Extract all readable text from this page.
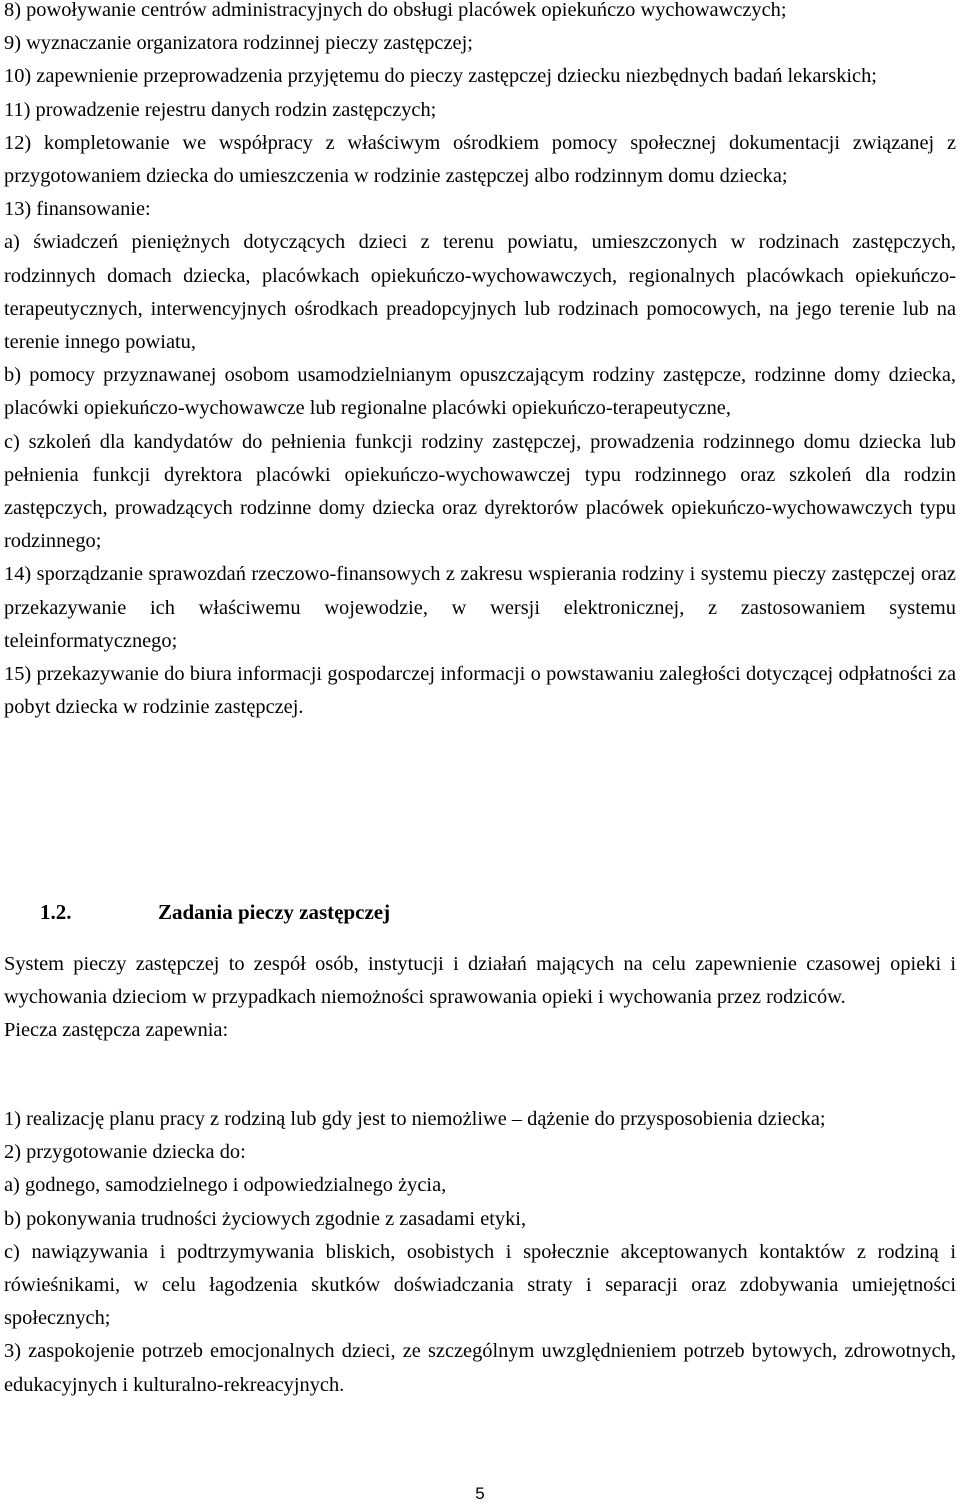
8) powoływanie centrów administracyjnych do obsługi placówek opiekuńczo wychowawczych;

9) wyznaczanie organizatora rodzinnej pieczy zastępczej;

10) zapewnienie przeprowadzenia przyjętemu do pieczy zastępczej dziecku niezbędnych badań lekarskich;

11) prowadzenie rejestru danych rodzin zastępczych;

12) kompletowanie we współpracy z właściwym ośrodkiem pomocy społecznej dokumentacji związanej z przygotowaniem dziecka do umieszczenia w rodzinie zastępczej albo rodzinnym domu dziecka;

13) finansowanie:

a) świadczeń pieniężnych dotyczących dzieci z terenu powiatu, umieszczonych w rodzinach zastępczych, rodzinnych domach dziecka, placówkach opiekuńczo-wychowawczych, regionalnych placówkach opiekuńczo-terapeutycznych, interwencyjnych ośrodkach preadopcyjnych lub rodzinach pomocowych, na jego terenie lub na terenie innego powiatu,

b) pomocy przyznawanej osobom usamodzielnianym opuszczającym rodziny zastępcze, rodzinne domy dziecka, placówki opiekuńczo-wychowawcze lub regionalne placówki opiekuńczo-terapeutyczne,

c) szkoleń dla kandydatów do pełnienia funkcji rodziny zastępczej, prowadzenia rodzinnego domu dziecka lub pełnienia funkcji dyrektora placówki opiekuńczo-wychowawczej typu rodzinnego oraz szkoleń dla rodzin zastępczych, prowadzących rodzinne domy dziecka oraz dyrektorów placówek opiekuńczo-wychowawczych typu rodzinnego;

14) sporządzanie sprawozdań rzeczowo-finansowych z zakresu wspierania rodziny i systemu pieczy zastępczej oraz przekazywanie ich właściwemu wojewodzie, w wersji elektronicznej, z zastosowaniem systemu teleinformatycznego;

15) przekazywanie do biura informacji gospodarczej informacji o powstawaniu zaległości dotyczącej odpłatności za pobyt dziecka w rodzinie zastępczej.

1.2.	Zadania pieczy zastępczej

System pieczy zastępczej to zespół osób, instytucji i działań mających na celu zapewnienie czasowej opieki i wychowania dzieciom w przypadkach niemożności sprawowania opieki i wychowania przez rodziców.

Piecza zastępcza zapewnia:

1) realizację planu pracy z rodziną lub gdy jest to niemożliwe – dążenie do przysposobienia dziecka;

2) przygotowanie dziecka do:

a) godnego, samodzielnego i odpowiedzialnego życia,

b) pokonywania trudności życiowych zgodnie z zasadami etyki,

c) nawiązywania i podtrzymywania bliskich, osobistych i społecznie akceptowanych kontaktów z rodziną i rówieśnikami, w celu łagodzenia skutków doświadczania straty i separacji oraz zdobywania umiejętności społecznych;

3) zaspokojenie potrzeb emocjonalnych dzieci, ze szczególnym uwzględnieniem potrzeb bytowych, zdrowotnych, edukacyjnych i kulturalno-rekreacyjnych.

5
